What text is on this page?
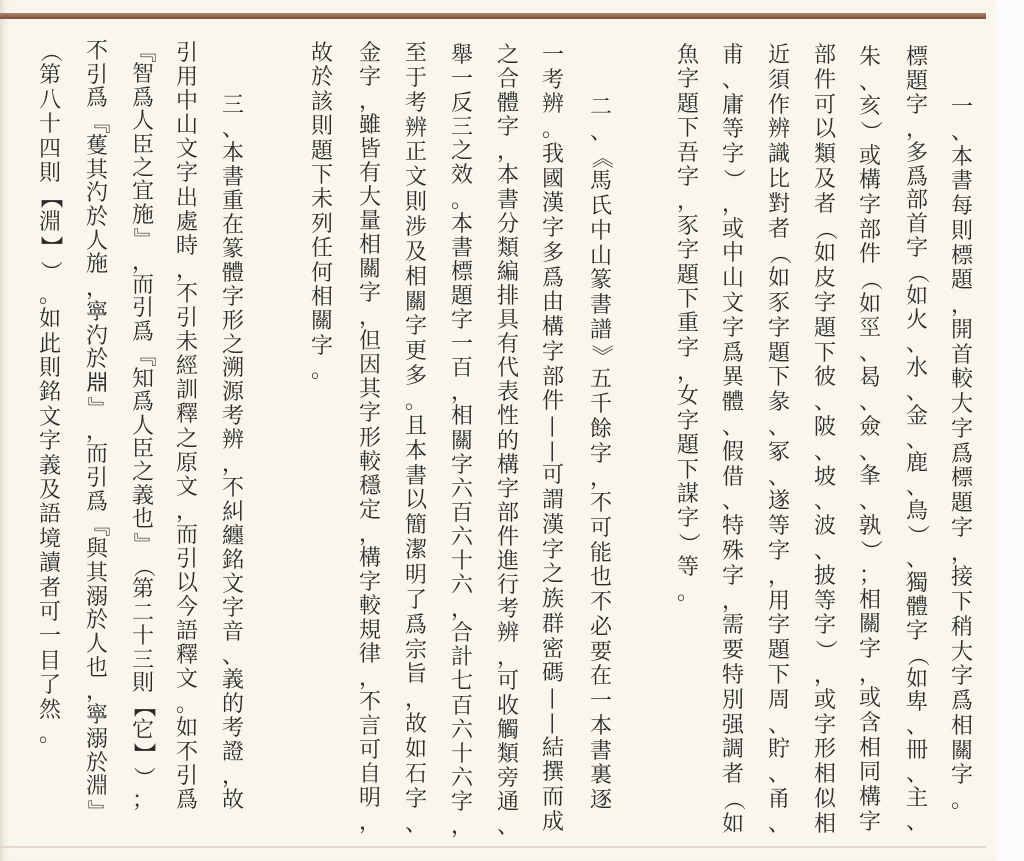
一
、
本
書
每
則
標
題
，
開
首
較
大
字
爲
標
題
字
，
接
下
稍
大
字
爲
相
關
字
。
標
題
字
，
多
爲
部
首
字
（
如
火
、
水
、
金
、
鹿
、
鳥
）
、
獨
體
字
（
如
卑
、
冊
、
主
、
朱
、
亥
）
或
構
字
部
件
（
如
巠
、
曷
、
僉
、
夆
、
孰
）
；
相
關
字
，
或
含
相
同
構
字
部
件
可
以
類
及
者
（
如
皮
字
題
下
彼
、
陂
、
坡
、
波
、
披
等
字
）
，
或
字
形
相
似
相
近
須
作
辨
識
比
對
者
（
如
豕
字
題
下
彖
、
冢
、
遂
等
字
，
用
字
題
下
周
、
貯
、
甬
、
甫
、
庸
等
字
）
，
或
中
山
文
字
爲
異
體
、
假
借
、
特
殊
字
，
需
要
特
別
强
調
者
（
如
魚
字
題
下
吾
字
，
豕
字
題
下
重
字
，
女
字
題
下
謀
字
）
等
。
二
、
《
馬
氏
中
山
篆
書
譜
》
五
千
餘
字
，
不
可
能
也
不
必
要
在
一
本
書
裏
逐
一
考
辨
。
我
國
漢
字
多
爲
由
構
字
部
件
—
—
可
謂
漢
字
之
族
群
密
碼
—
—
結
撰
而
成
之
合
體
字
，
本
書
分
類
編
排
具
有
代
表
性
的
構
字
部
件
進
行
考
辨
，
可
收
觸
類
旁
通
、
舉
一
反
三
之
效
。
本
書
標
題
字
一
百
，
相
關
字
六
百
六
十
六
，
合
計
七
百
六
十
六
字
，
至
于
考
辨
正
文
則
涉
及
相
關
字
更
多
。
且
本
書
以
簡
潔
明
了
爲
宗
旨
，
故
如
石
字
、
金
字
，
雖
皆
有
大
量
相
關
字
，
但
因
其
字
形
較
穩
定
，
構
字
較
規
律
，
不
言
可
自
明
，
故
於
該
則
題
下
未
列
任
何
相
關
字
。
三
、
本
書
重
在
篆
體
字
形
之
溯
源
考
辨
，
不
糾
纏
銘
文
字
音
、
義
的
考
證
，
故
引
用
中
山
文
字
出
處
時
，
不
引
未
經
訓
釋
之
原
文
，
而
引
以
今
語
釋
文
。
如
不
引
爲
『
智
爲
人
臣
之
宜
施
』
，
而
引
爲
『
知
爲
人
臣
之
義
也
』
（
第
二
十
三
則
【
它
】
）
；
不
引
爲
『
蒦
其
汋
於
人
施
，
寧
汋
於
𣶒
』
，
而
引
爲
『
與
其
溺
於
人
也
，
寧
溺
於
淵
』
（
第
八
十
四
則
【
淵
】
）
。
如
此
則
銘
文
字
義
及
語
境
讀
者
可
一
目
了
然
。
